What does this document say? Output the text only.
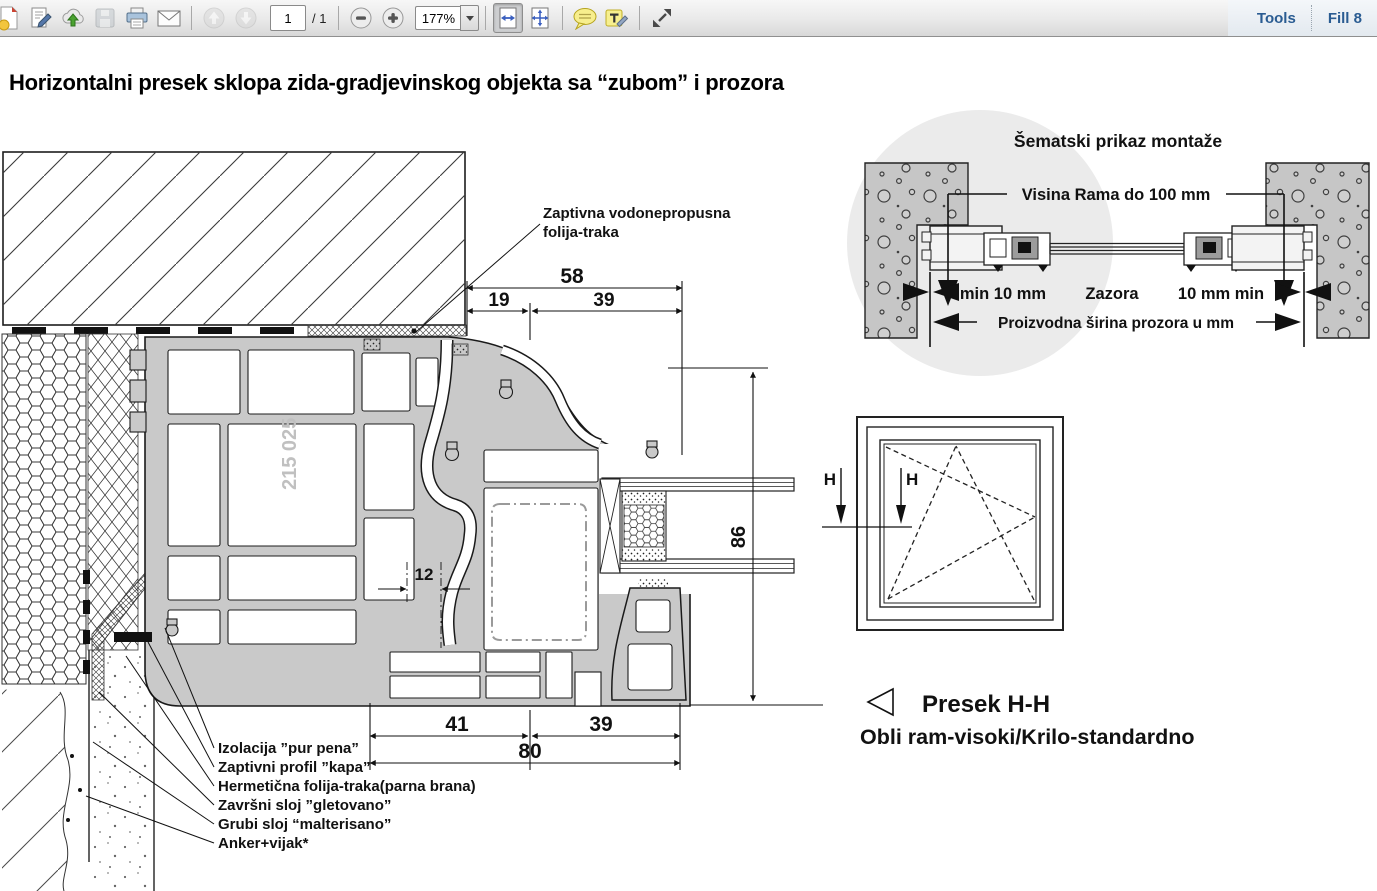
1
/ 1	177%	Tools	Fill 8
Horizontalni presek sklopa zida-gradjevinskog objekta sa “zubom” i prozora
215 025
58
19	39
12
86
41	39
80
Zaptivna vodonepropusna
folija-traka
Izolacija ”pur pena”
Zaptivni profil ”kapa”
Hermetična folija-traka(parna brana)
Završni sloj ”gletovano”
Grubi sloj “malterisano”
Anker+vijak*
Šematski prikaz montaže
Visina Rama do 100 mm
min 10 mm Zazora 10 mm min
Proizvodna širina prozora u mm
H	H
Presek H-H
Obli ram-visoki/Krilo-standardno
